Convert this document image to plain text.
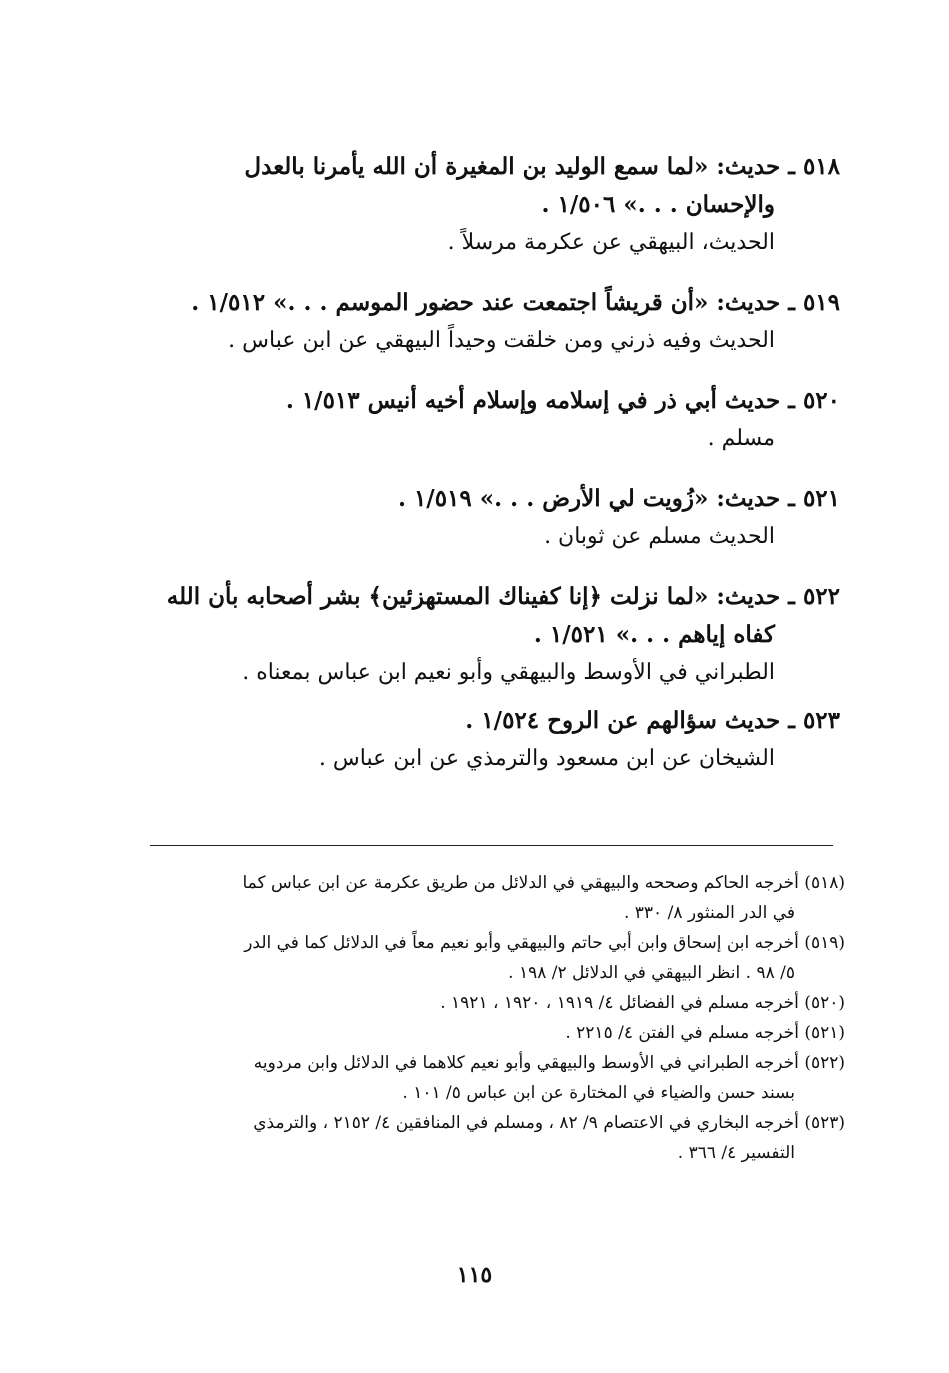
٥١٨ ـ حديث: «لما سمع الوليد بن المغيرة أن الله يأمرنا بالعدل
والإحسان . . .» ١/٥٠٦ .
الحديث، البيهقي عن عكرمة مرسلاً .
٥١٩ ـ حديث: «أن قريشاً اجتمعت عند حضور الموسم . . .» ١/٥١٢ .
الحديث وفيه ذرني ومن خلقت وحيداً البيهقي عن ابن عباس .
٥٢٠ ـ حديث أبي ذر في إسلامه وإسلام أخيه أنيس ١/٥١٣ .
مسلم .
٥٢١ ـ حديث: «زُويت لي الأرض . . .» ١/٥١٩ .
الحديث مسلم عن ثوبان .
٥٢٢ ـ حديث: «لما نزلت ﴿إنا كفيناك المستهزئين﴾ بشر أصحابه بأن الله
كفاه إياهم . . .» ١/٥٢١ .
الطبراني في الأوسط والبيهقي وأبو نعيم ابن عباس بمعناه .
٥٢٣ ـ حديث سؤالهم عن الروح ١/٥٢٤ .
الشيخان عن ابن مسعود والترمذي عن ابن عباس .
(٥١٨) أخرجه الحاكم وصححه والبيهقي في الدلائل من طريق عكرمة عن ابن عباس كما
في الدر المنثور ٨/ ٣٣٠ .
(٥١٩) أخرجه ابن إسحاق وابن أبي حاتم والبيهقي وأبو نعيم معاً في الدلائل كما في الدر
٥/ ٩٨ . انظر البيهقي في الدلائل ٢/ ١٩٨ .
(٥٢٠) أخرجه مسلم في الفضائل ٤/ ١٩١٩ ، ١٩٢٠ ، ١٩٢١ .
(٥٢١) أخرجه مسلم في الفتن ٤/ ٢٢١٥ .
(٥٢٢) أخرجه الطبراني في الأوسط والبيهقي وأبو نعيم كلاهما في الدلائل وابن مردويه
بسند حسن والضياء في المختارة عن ابن عباس ٥/ ١٠١ .
(٥٢٣) أخرجه البخاري في الاعتصام ٩/ ٨٢ ، ومسلم في المنافقين ٤/ ٢١٥٢ ، والترمذي
التفسير ٤/ ٣٦٦ .
١١٥
